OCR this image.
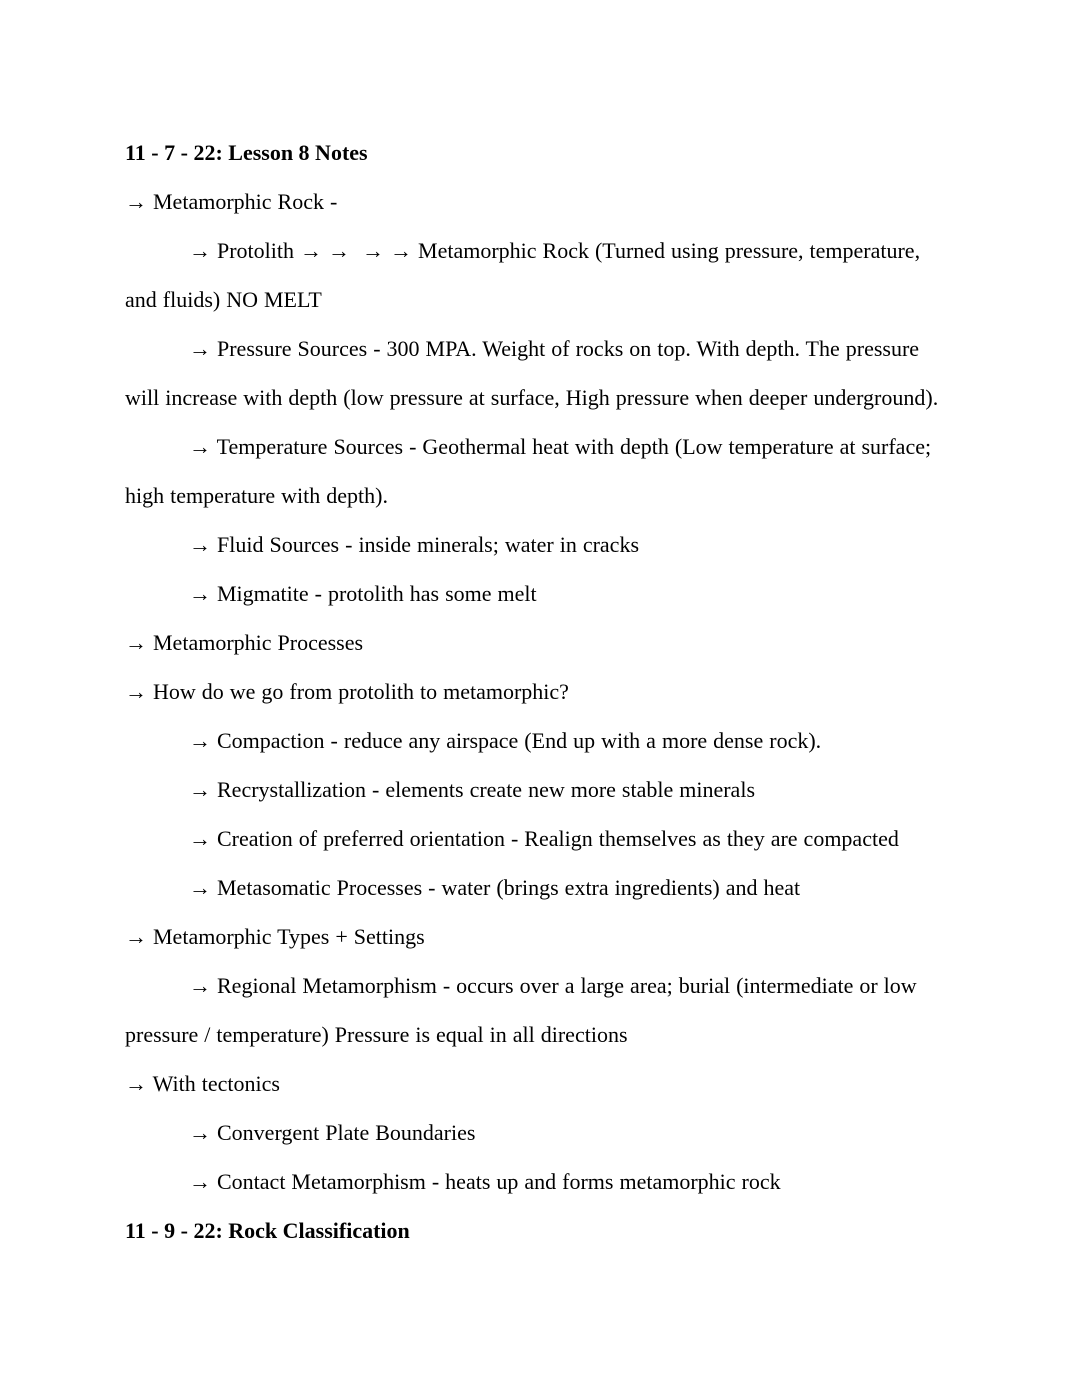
11 - 7 - 22: Lesson 8 Notes

→ Metamorphic Rock -

→ Protolith → →  → → Metamorphic Rock (Turned using pressure, temperature, and fluids) NO MELT

→ Pressure Sources - 300 MPA. Weight of rocks on top. With depth. The pressure will increase with depth (low pressure at surface, High pressure when deeper underground).

→ Temperature Sources - Geothermal heat with depth (Low temperature at surface; high temperature with depth).

→ Fluid Sources - inside minerals; water in cracks

→ Migmatite - protolith has some melt

→ Metamorphic Processes

→ How do we go from protolith to metamorphic?

→ Compaction - reduce any airspace (End up with a more dense rock).

→ Recrystallization - elements create new more stable minerals

→ Creation of preferred orientation - Realign themselves as they are compacted

→ Metasomatic Processes - water (brings extra ingredients) and heat

→ Metamorphic Types + Settings

→ Regional Metamorphism - occurs over a large area; burial (intermediate or low pressure / temperature) Pressure is equal in all directions

→ With tectonics

→ Convergent Plate Boundaries

→ Contact Metamorphism - heats up and forms metamorphic rock

11 - 9 - 22: Rock Classification
